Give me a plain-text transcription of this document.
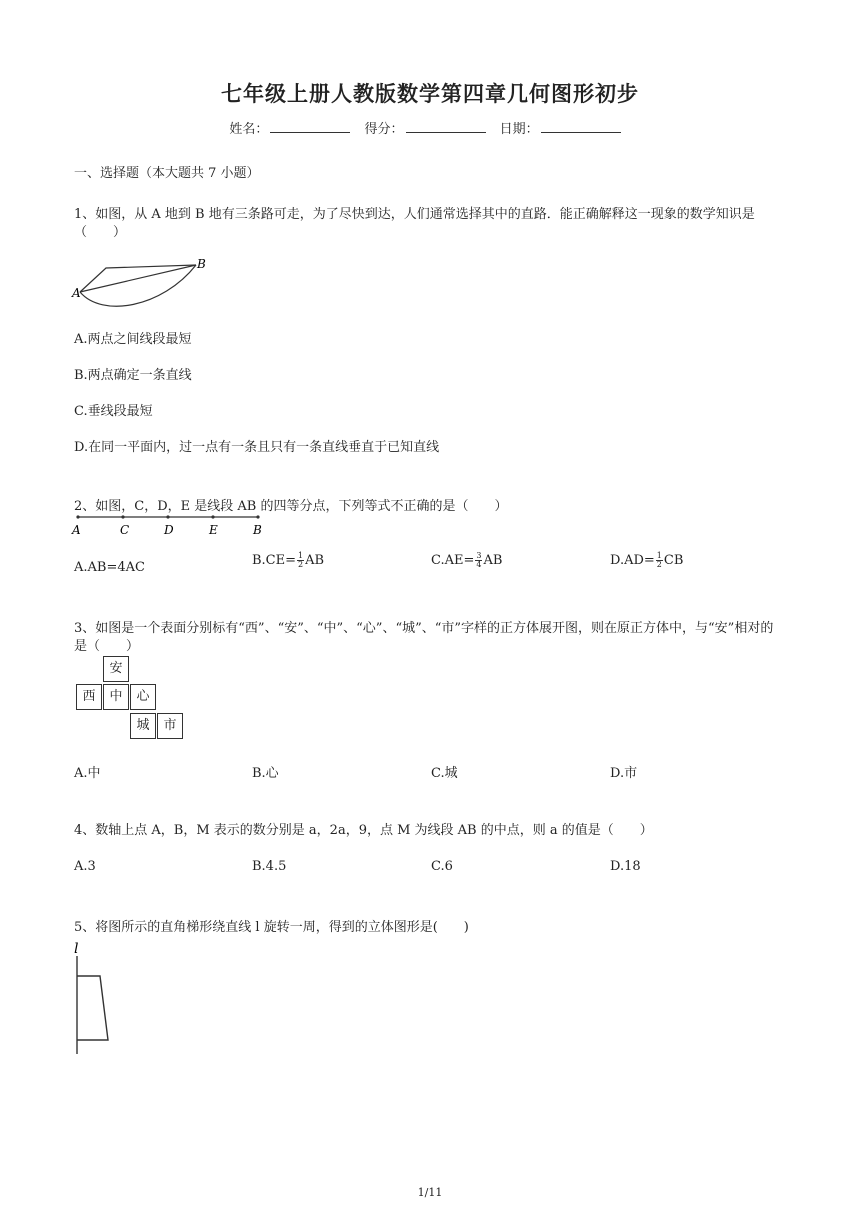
七年级上册人教版数学第四章几何图形初步
姓名：	得分：	日期：
一、选择题（本大题共 7 小题）
1、如图，从 A 地到 B 地有三条路可走，为了尽快到达，人们通常选择其中的直路．能正确解释这一现象的数学知识是（　　）
A
B
A.两点之间线段最短
B.两点确定一条直线
C.垂线段最短
D.在同一平面内，过一点有一条且只有一条直线垂直于已知直线
2、如图，C，D，E 是线段 AB 的四等分点，下列等式不正确的是（　　）
A	C	D	E	B
A.AB=4AC	$B.CE= \frac{1}{2}$ AB	$C.AE= \frac{3}{4}$ AB	$D.AD= \frac{1}{2}$ CB
3、如图是一个表面分别标有“西”、“安”、“中”、“心”、“城”、“市”字样的正方体展开图，则在原正方体中，与“安”相对的是（　　）
安
西	中	心
城	市
A.中	B.心	C.城	D.市
4、数轴上点 A，B，M 表示的数分别是 a，2a，9，点 M 为线段 AB 的中点，则 a 的值是（　　）
A.3	B.4.5	C.6	D.18
5、将图所示的直角梯形绕直线 l 旋转一周，得到的立体图形是(　　)
l
1/11
